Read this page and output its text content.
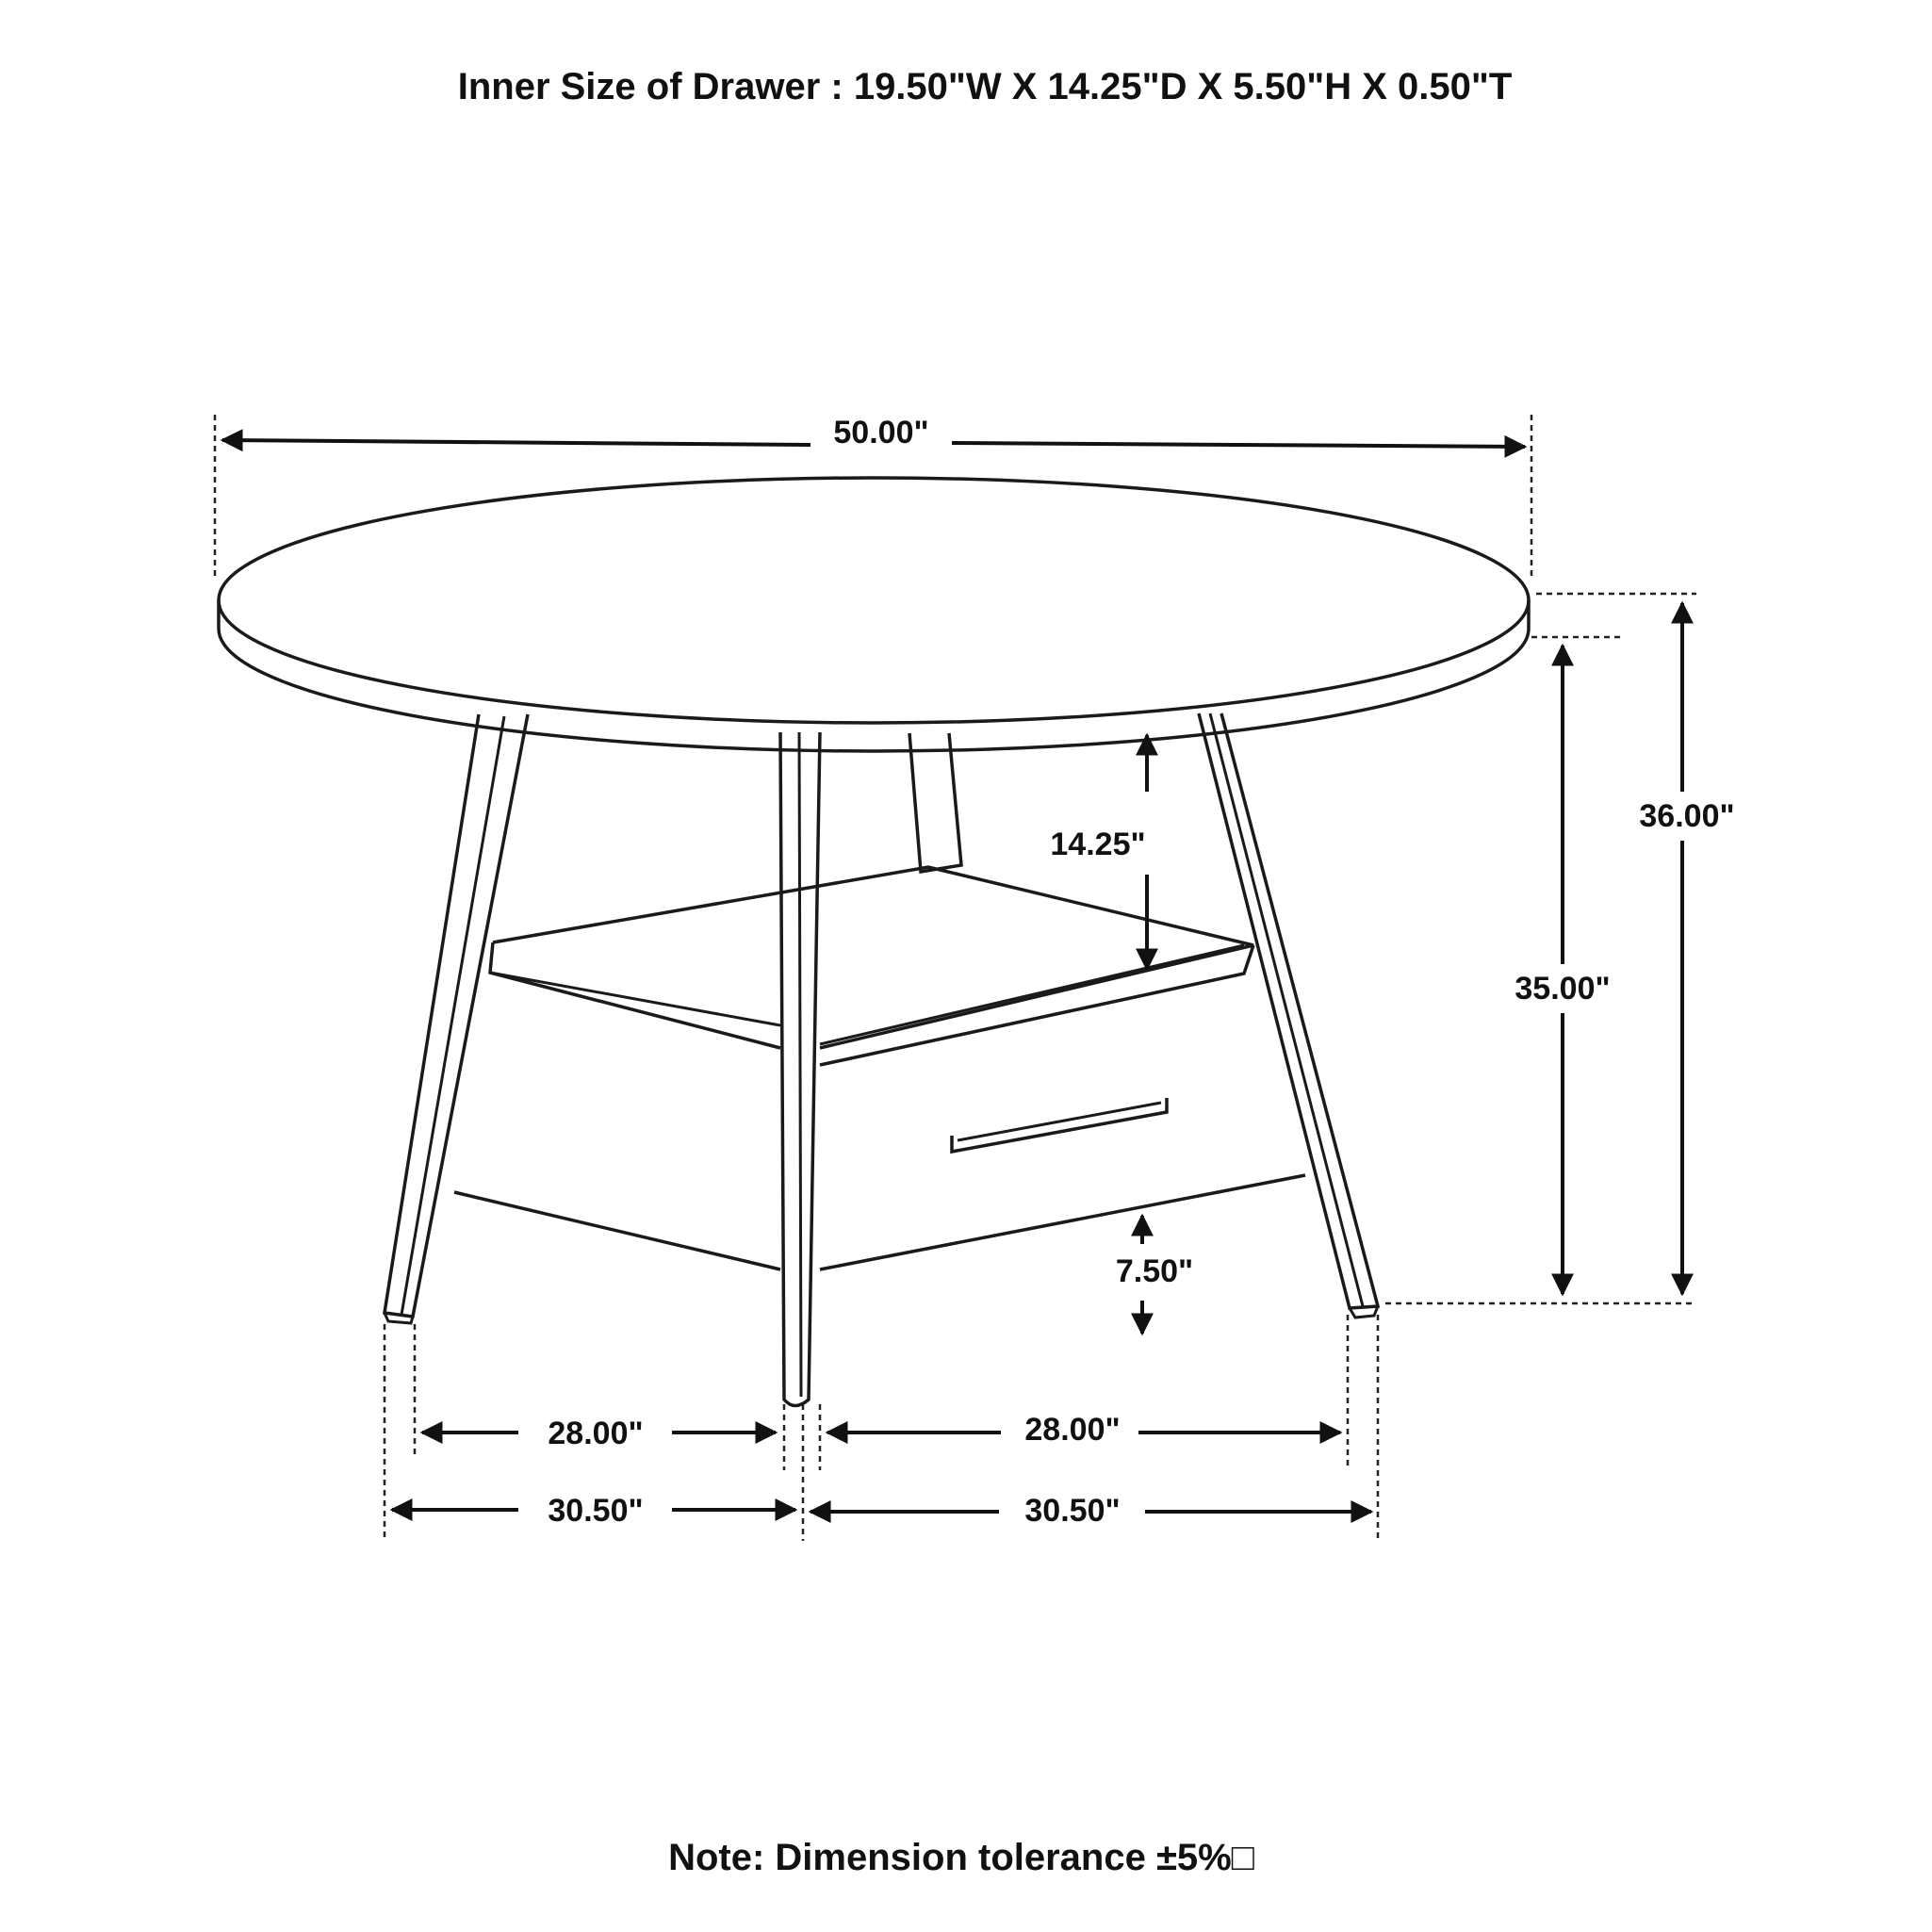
Inner Size of Drawer : 19.50"W X 14.25"D X 5.50"H X 0.50"T
50.00"
36.00"
35.00"
14.25"
7.50"
28.00"	28.00"
30.50"	30.50"
Note: Dimension tolerance ±5%□
